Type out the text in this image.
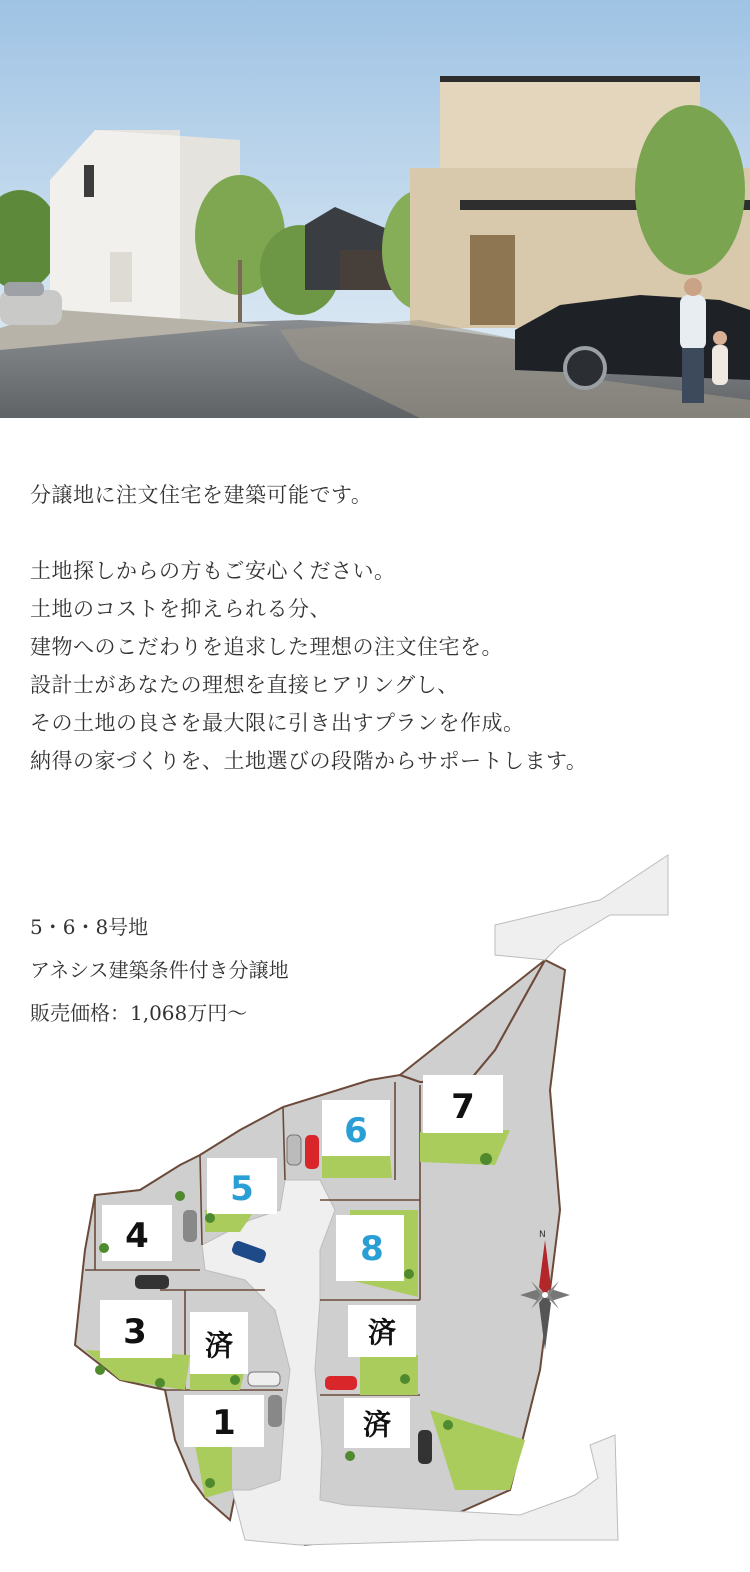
分譲地に注文住宅を建築可能です。

土地探しからの方もご安心ください。

土地のコストを抑えられる分、

建物へのこだわりを追求した理想の注文住宅を。

設計士があなたの理想を直接ヒアリングし、

その土地の良さを最大限に引き出すプランを作成。

納得の家づくりを、土地選びの段階からサポートします。

7
6
5
4	8
3 済	済
1	済
N

5・6・8号地

アネシス建築条件付き分譲地

販売価格：1,068万円～
